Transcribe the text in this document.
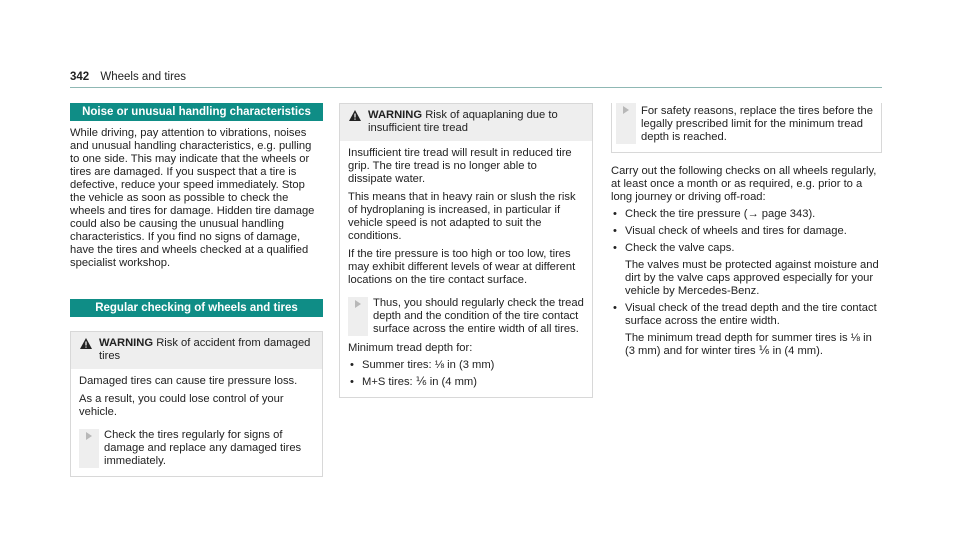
342 Wheels and tires
Noise or unusual handling characteristics

While driving, pay attention to vibrations, noises and unusual handling characteristics, e.g. pulling to one side. This may indicate that the wheels or tires are damaged. If you suspect that a tire is defective, reduce your speed immediately. Stop the vehicle as soon as possible to check the wheels and tires for damage. Hidden tire damage could also be causing the unusual handling characteristics. If you find no signs of damage, have the tires and wheels checked at a qualified specialist workshop.

Regular checking of wheels and tires
WARNING Risk of accident from damaged tires

Damaged tires can cause tire pressure loss.

As a result, you could lose control of your vehicle.

Check the tires regularly for signs of damage and replace any damaged tires immediately.
WARNING Risk of aquaplaning due to insufficient tire tread

Insufficient tire tread will result in reduced tire grip. The tire tread is no longer able to dissipate water.

This means that in heavy rain or slush the risk of hydroplaning is increased, in particular if vehicle speed is not adapted to suit the conditions.

If the tire pressure is too high or too low, tires may exhibit different levels of wear at different locations on the tire contact surface.

Thus, you should regularly check the tread depth and the condition of the tire contact surface across the entire width of all tires.

Minimum tread depth for:

• Summer tires: ⅛ in (3 mm)
• M+S tires: ⅙ in (4 mm)
For safety reasons, replace the tires before the legally prescribed limit for the minimum tread depth is reached.

Carry out the following checks on all wheels regularly, at least once a month or as required, e.g. prior to a long journey or driving off-road:

• Check the tire pressure (→ page 343).
• Visual check of wheels and tires for damage.
• Check the valve caps.

The valves must be protected against moisture and dirt by the valve caps approved especially for your vehicle by Mercedes-Benz.

• Visual check of the tread depth and the tire contact surface across the entire width.

The minimum tread depth for summer tires is ⅛ in (3 mm) and for winter tires ⅙ in (4 mm).
